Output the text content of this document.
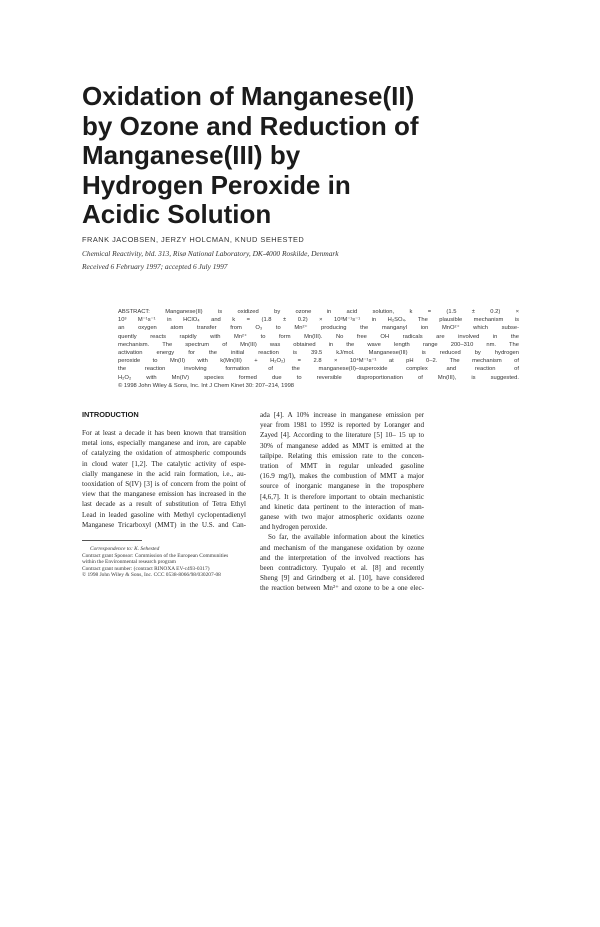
Oxidation of Manganese(II)
by Ozone and Reduction of
Manganese(III) by
Hydrogen Peroxide in
Acidic Solution
FRANK JACOBSEN, JERZY HOLCMAN, KNUD SEHESTED
Chemical Reactivity, bld. 313, Risø National Laboratory, DK-4000 Roskilde, Denmark
Received 6 February 1997; accepted 6 July 1997
ABSTRACT: Manganese(II) is oxidized by ozone in acid solution, k = (1.5 ± 0.2) ×
10³ M⁻¹s⁻¹ in HClO₄ and k = (1.8 ± 0.2) × 10³M⁻¹s⁻¹ in H₂SO₄. The plausible mechanism is
an oxygen atom transfer from O₃ to Mn²⁺ producing the manganyl ion MnO²⁺ which subse-
quently reacts rapidly with Mn²⁺ to form Mn(III). No free OH radicals are involved in the
mechanism. The spectrum of Mn(III) was obtained in the wave length range 200–310 nm. The
activation energy for the initial reaction is 39.5 kJ/mol. Manganese(III) is reduced by hydrogen
peroxide to Mn(II) with k(Mn(III) + H₂O₂) = 2.8 × 10⁴M⁻¹s⁻¹ at pH 0–2. The mechanism of
the reaction involving formation of the manganese(II)–superoxide complex and reaction of
H₂O₂ with Mn(IV) species formed due to reversible disproportionation of Mn(III), is suggested.
© 1998 John Wiley & Sons, Inc. Int J Chem Kinet 30: 207–214, 1998
INTRODUCTION
For at least a decade it has been known that transition
metal ions, especially manganese and iron, are capable
of catalyzing the oxidation of atmospheric compounds
in cloud water [1,2]. The catalytic activity of espe-
cially manganese in the acid rain formation, i.e., au-
tooxidation of S(IV) [3] is of concern from the point of
view that the manganese emission has increased in the
last decade as a result of substitution of Tetra Ethyl
Lead in leaded gasoline with Methyl cyclopentadienyl
Manganese Tricarboxyl (MMT) in the U.S. and Can-
Correspondence to: K. Sehested
Contract grant Sponsor: Commission of the European Communities
within the Environmental research program
Contract grant number: (contract RINOXA EV-c493-0317)
© 1998 John Wiley & Sons, Inc. CCC 0538-8066/98/030207-08
ada [4]. A 10% increase in manganese emission per
year from 1981 to 1992 is reported by Loranger and
Zayed [4]. According to the literature [5] 10– 15 up to
30% of manganese added as MMT is emitted at the
tailpipe. Relating this emission rate to the concen-
tration of MMT in regular unleaded gasoline
(16.9 mg/l), makes the combustion of MMT a major
source of inorganic manganese in the troposphere
[4,6,7]. It is therefore important to obtain mechanistic
and kinetic data pertinent to the interaction of man-
ganese with two major atmospheric oxidants ozone
and hydrogen peroxide.
So far, the available information about the kinetics
and mechanism of the manganese oxidation by ozone
and the interpretation of the involved reactions has
been contradictory. Tyupalo et al. [8] and recently
Sheng [9] and Grindberg et al. [10], have considered
the reaction between Mn²⁺ and ozone to be a one elec-
